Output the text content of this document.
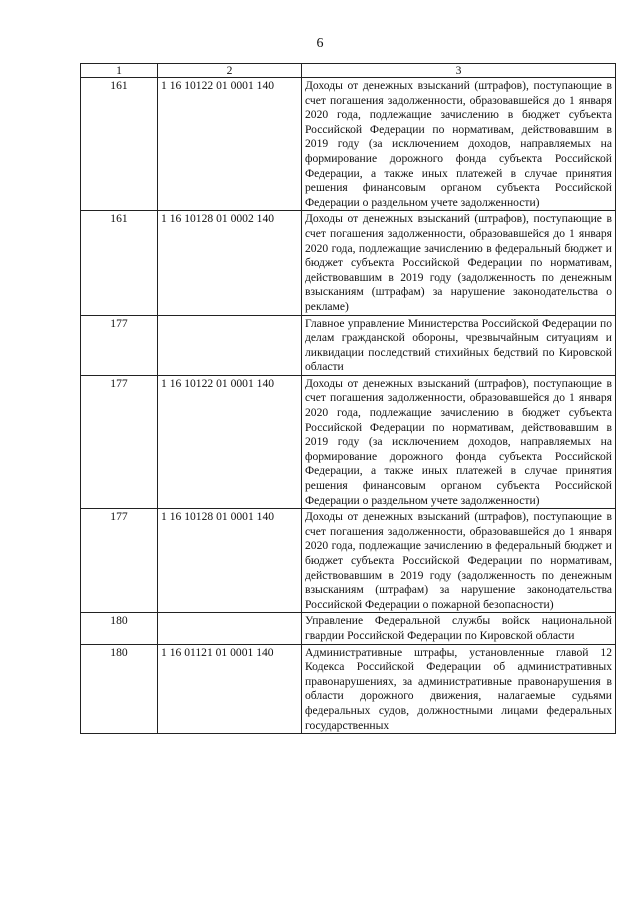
6
1	2	3
161	1 16 10122 01 0001 140	Доходы от денежных взысканий (штрафов), поступающие в счет погашения задолженности, образовавшейся до 1 января 2020 года, подлежащие зачислению в бюджет субъекта Российской Федерации по нормативам, действовавшим в 2019 году (за исключением доходов, направляемых на формирование дорожного фонда субъекта Российской Федерации, а также иных платежей в случае принятия решения финансовым органом субъекта Российской Федерации о раздельном учете задолженности)
161	1 16 10128 01 0002 140	Доходы от денежных взысканий (штрафов), поступающие в счет погашения задолженности, образовавшейся до 1 января 2020 года, подлежащие зачислению в федеральный бюджет и бюджет субъекта Российской Федерации по нормативам, действовавшим в 2019 году (задолженность по денежным взысканиям (штрафам) за нарушение законодательства о рекламе)
177		Главное управление Министерства Российской Федерации по делам гражданской обороны, чрезвычайным ситуациям и ликвидации последствий стихийных бедствий по Кировской области
177	1 16 10122 01 0001 140	Доходы от денежных взысканий (штрафов), поступающие в счет погашения задолженности, образовавшейся до 1 января 2020 года, подлежащие зачислению в бюджет субъекта Российской Федерации по нормативам, действовавшим в 2019 году (за исключением доходов, направляемых на формирование дорожного фонда субъекта Российской Федерации, а также иных платежей в случае принятия решения финансовым органом субъекта Российской Федерации о раздельном учете задолженности)
177	1 16 10128 01 0001 140	Доходы от денежных взысканий (штрафов), поступающие в счет погашения задолженности, образовавшейся до 1 января 2020 года, подлежащие зачислению в федеральный бюджет и бюджет субъекта Российской Федерации по нормативам, действовавшим в 2019 году (задолженность по денежным взысканиям (штрафам) за нарушение законодательства Российской Федерации о пожарной безопасности)
180		Управление Федеральной службы войск национальной гвардии Российской Федерации по Кировской области
180	1 16 01121 01 0001 140	Административные штрафы, установленные главой 12 Кодекса Российской Федерации об административных правонарушениях, за административные правонарушения в области дорожного движения, налагаемые судьями федеральных судов, должностными лицами федеральных государственных
